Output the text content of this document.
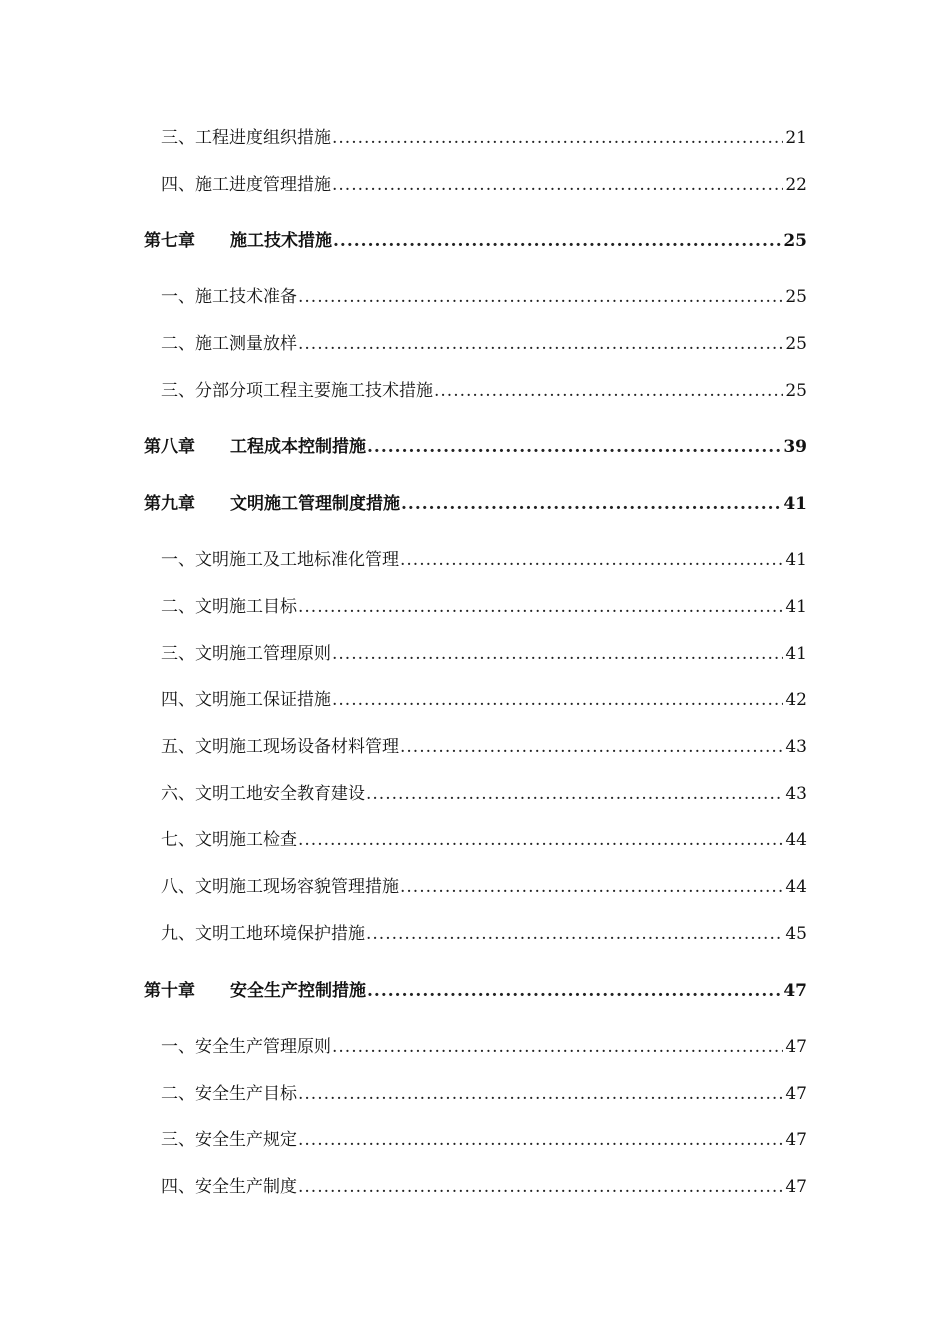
三、 工程进度组织措施 .....	21
四、 施工进度管理措施 .....	22
第七章	施工技术措施 .....	25
一、 施工技术准备 .....	25
二、 施工测量放样 .....	25
三、 分部分项工程主要施工技术措施 .....	25
第八章	工程成本控制措施 .....	39
第九章	文明施工管理制度措施 .....	41
一、 文明施工及工地标准化管理 .....	41
二、 文明施工目标 .....	41
三、 文明施工管理原则 .....	41
四、 文明施工保证措施 .....	42
五、 文明施工现场设备材料管理 .....	43
六、 文明工地安全教育建设 .....	43
七、 文明施工检查 .....	44
八、 文明施工现场容貌管理措施 .....	44
九、 文明工地环境保护措施 .....	45
第十章	安全生产控制措施 .....	47
一、 安全生产管理原则 .....	47
二、 安全生产目标 .....	47
三、 安全生产规定 .....	47
四、 安全生产制度 .....	47
